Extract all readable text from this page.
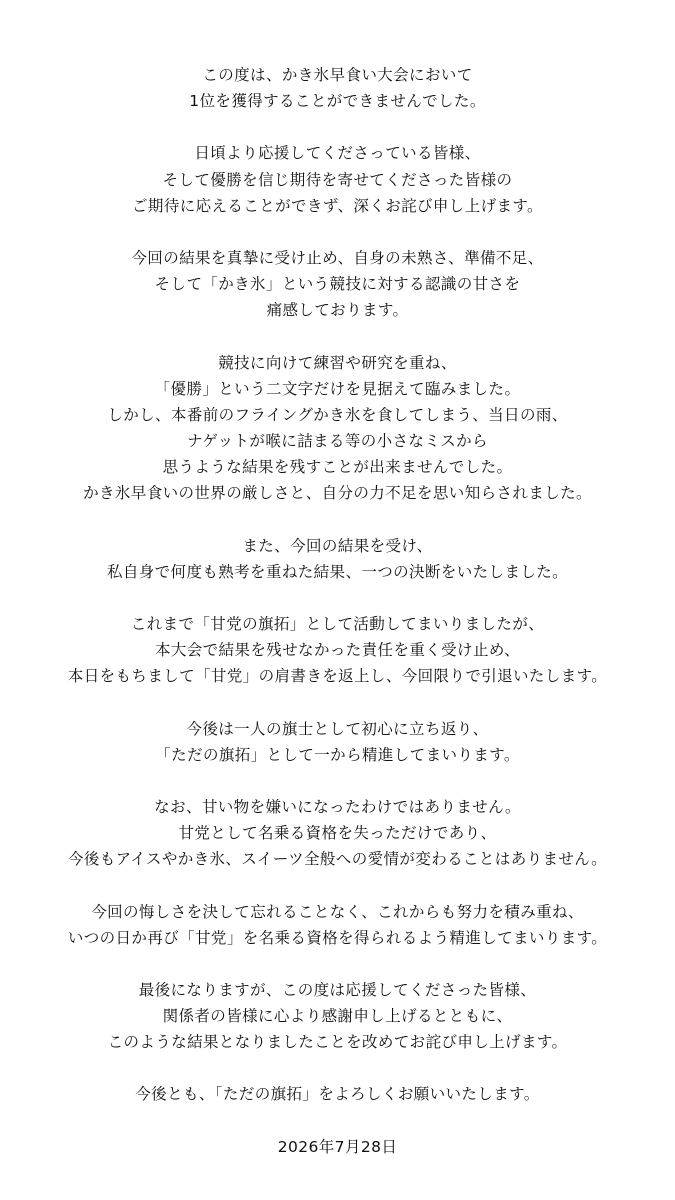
この度は、かき氷早食い大会において
1位を獲得することができませんでした。
日頃より応援してくださっている皆様、
そして優勝を信じ期待を寄せてくださった皆様の
ご期待に応えることができず、深くお詫び申し上げます。
今回の結果を真摯に受け止め、自身の未熟さ、準備不足、
そして「かき氷」という競技に対する認識の甘さを
痛感しております。
競技に向けて練習や研究を重ね、
「優勝」という二文字だけを見据えて臨みました。
しかし、本番前のフライングかき氷を食してしまう、当日の雨、
ナゲットが喉に詰まる等の小さなミスから
思うような結果を残すことが出来ませんでした。
かき氷早食いの世界の厳しさと、自分の力不足を思い知らされました。
また、今回の結果を受け、
私自身で何度も熟考を重ねた結果、一つの決断をいたしました。
これまで「甘党の旗拓」として活動してまいりましたが、
本大会で結果を残せなかった責任を重く受け止め、
本日をもちまして「甘党」の肩書きを返上し、今回限りで引退いたします。
今後は一人の旗士として初心に立ち返り、
「ただの旗拓」として一から精進してまいります。
なお、甘い物を嫌いになったわけではありません。
甘党として名乗る資格を失っただけであり、
今後もアイスやかき氷、スイーツ全般への愛情が変わることはありません。
今回の悔しさを決して忘れることなく、これからも努力を積み重ね、
いつの日か再び「甘党」を名乗る資格を得られるよう精進してまいります。
最後になりますが、この度は応援してくださった皆様、
関係者の皆様に心より感謝申し上げるとともに、
このような結果となりましたことを改めてお詫び申し上げます。
今後とも、「ただの旗拓」をよろしくお願いいたします。
2026年7月28日
